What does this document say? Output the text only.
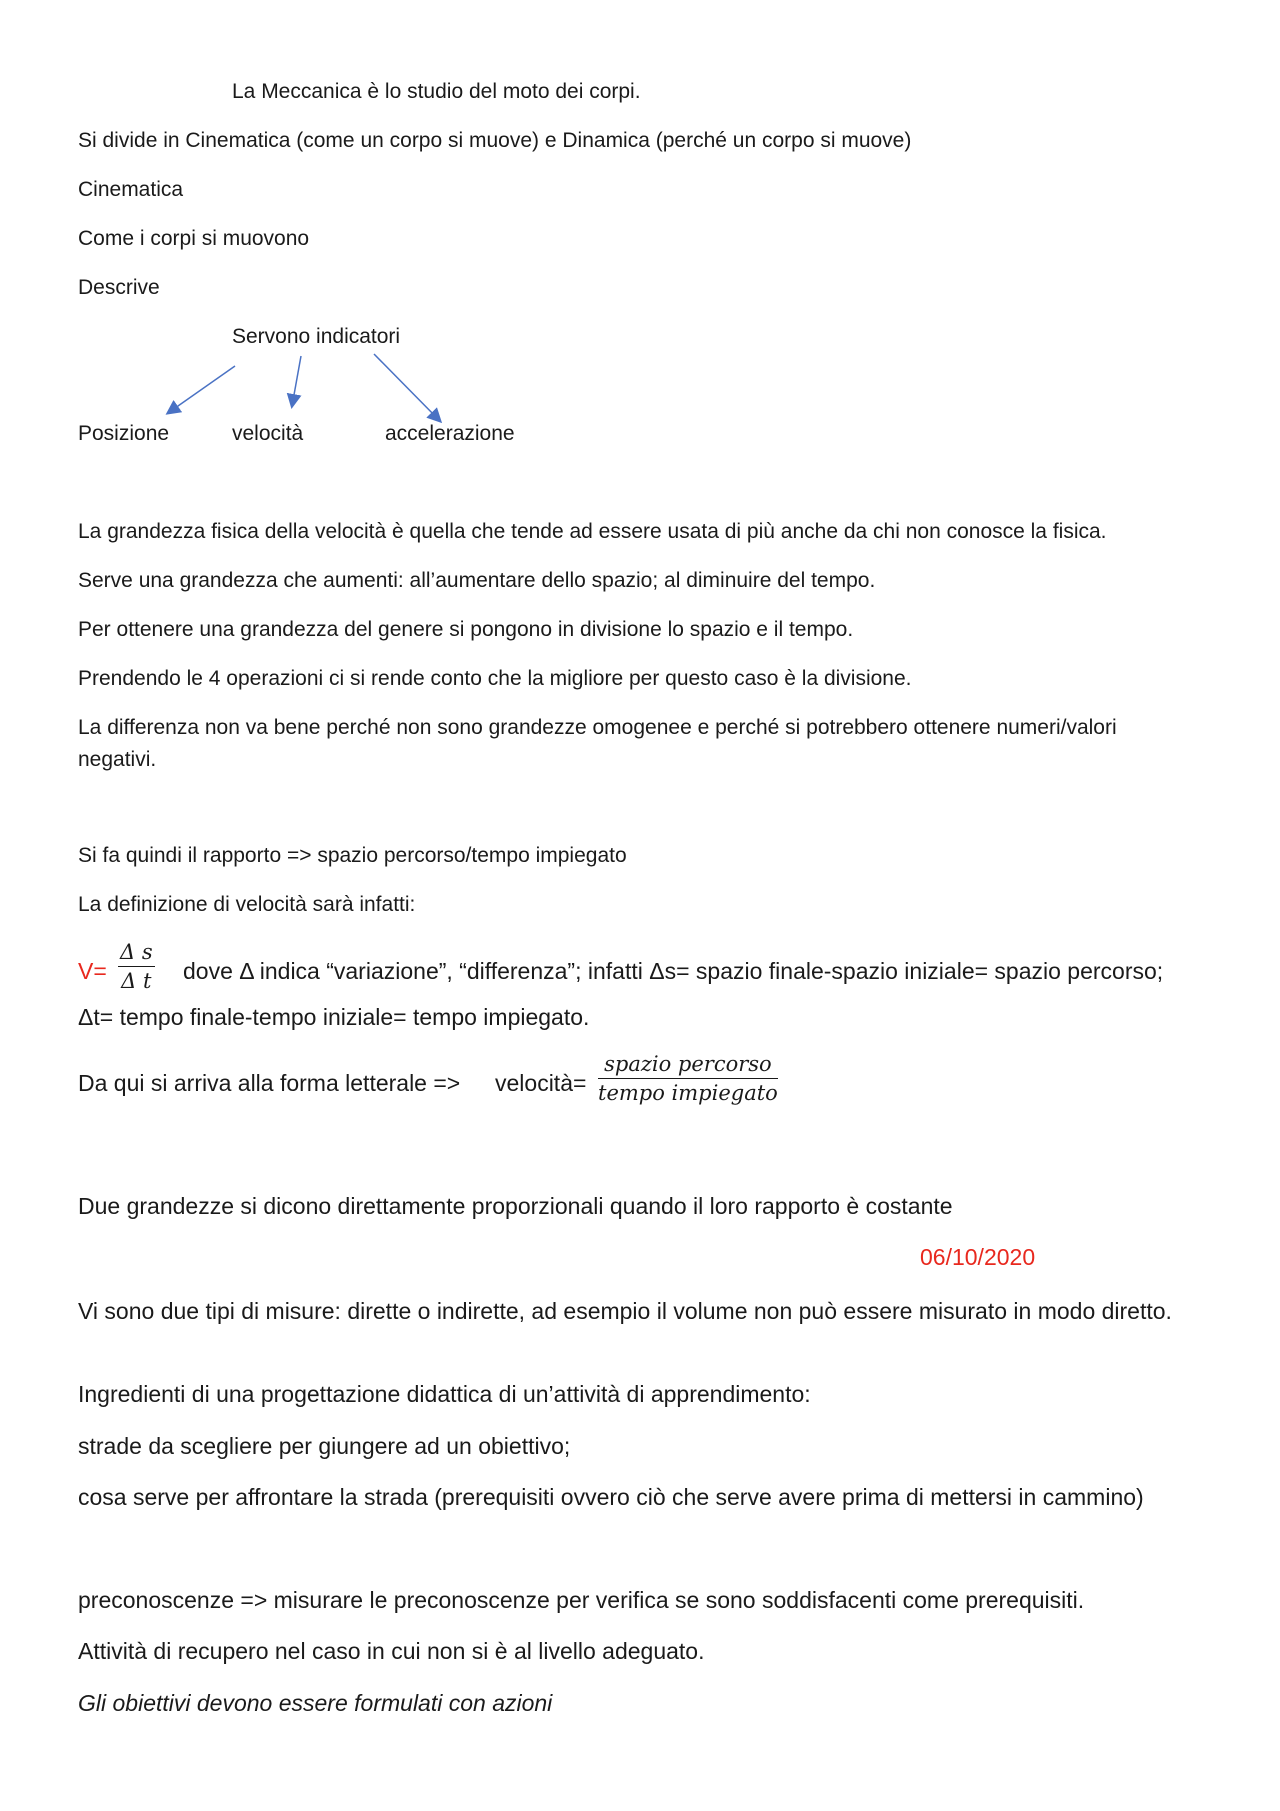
La Meccanica è lo studio del moto dei corpi.
Si divide in Cinematica (come un corpo si muove) e Dinamica (perché un corpo si muove)
Cinematica
Come i corpi si muovono
Descrive
Servono indicatori
Posizione	velocità	accelerazione
La grandezza fisica della velocità è quella che tende ad essere usata di più anche da chi non conosce la fisica.
Serve una grandezza che aumenti: all’aumentare dello spazio; al diminuire del tempo.
Per ottenere una grandezza del genere si pongono in divisione lo spazio e il tempo.
Prendendo le 4 operazioni ci si rende conto che la migliore per questo caso è la divisione.
La differenza non va bene perché non sono grandezze omogenee e perché si potrebbero ottenere numeri/valori negativi.
Si fa quindi il rapporto => spazio percorso/tempo impiegato
La definizione di velocità sarà infatti:
$V= \frac{\text{Δ s}}{\text{Δ t}}$ dove Δ indica “variazione”, “differenza”; infatti Δs= spazio finale-spazio iniziale= spazio percorso;
Δt= tempo finale-tempo iniziale= tempo impiegato.
Da qui si arriva alla forma letterale => velocità=
spazio percorso
tempo impiegato
Due grandezze si dicono direttamente proporzionali quando il loro rapporto è costante
06/10/2020
Vi sono due tipi di misure: dirette o indirette, ad esempio il volume non può essere misurato in modo diretto.
Ingredienti di una progettazione didattica di un’attività di apprendimento:
strade da scegliere per giungere ad un obiettivo;
cosa serve per affrontare la strada (prerequisiti ovvero ciò che serve avere prima di mettersi in cammino)
preconoscenze => misurare le preconoscenze per verifica se sono soddisfacenti come prerequisiti.
Attività di recupero nel caso in cui non si è al livello adeguato.
Gli obiettivi devono essere formulati con azioni
